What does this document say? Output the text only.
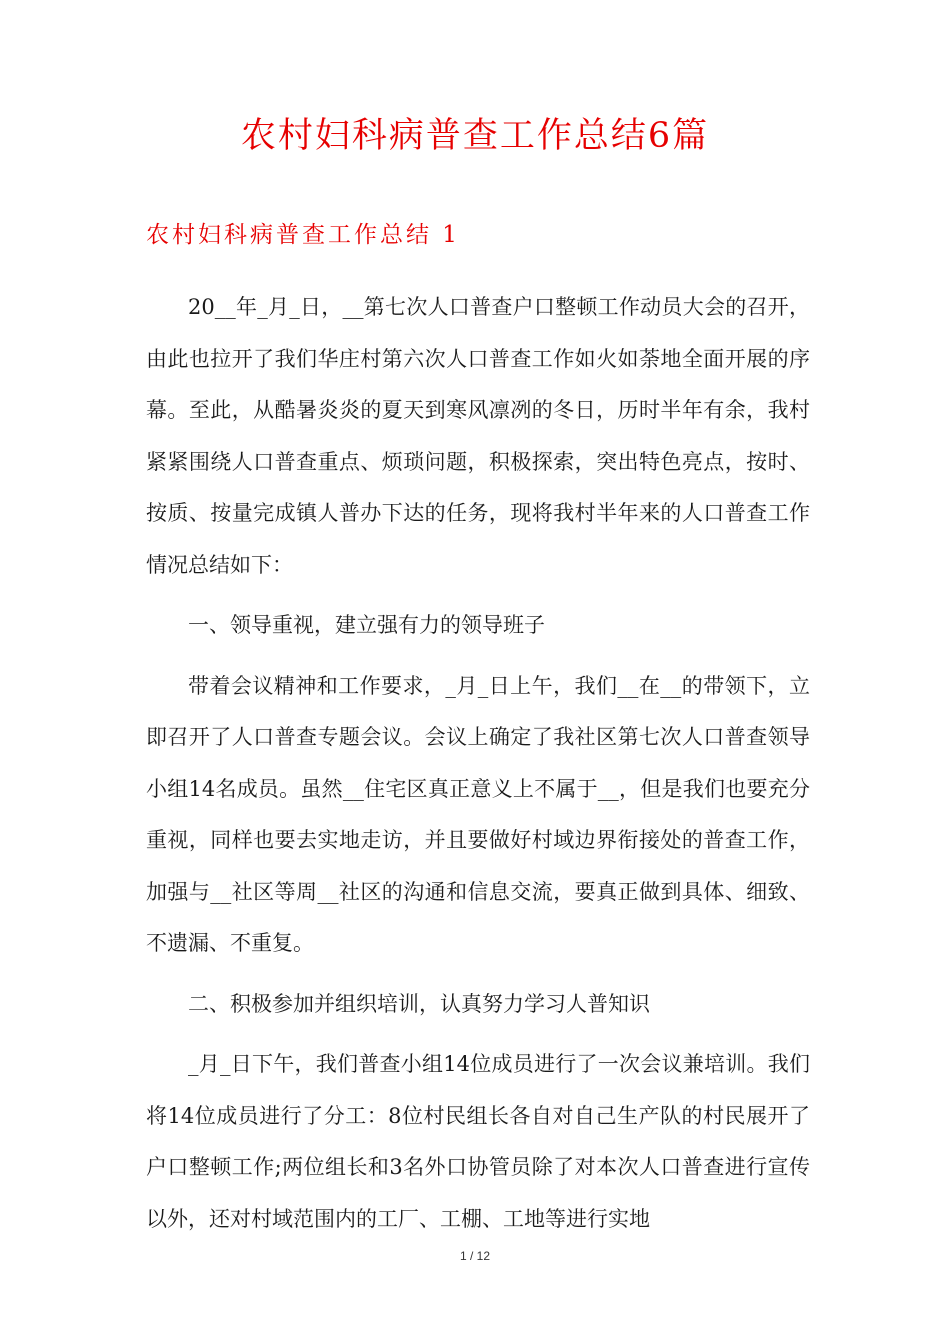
农村妇科病普查工作总结6篇
农村妇科病普查工作总结 1

20__年_月_日，__第七次人口普查户口整顿工作动员大会的召开，由此也拉开了我们华庄村第六次人口普查工作如火如荼地全面开展的序幕。至此，从酷暑炎炎的夏天到寒风凛冽的冬日，历时半年有余，我村紧紧围绕人口普查重点、烦琐问题，积极探索，突出特色亮点，按时、按质、按量完成镇人普办下达的任务，现将我村半年来的人口普查工作情况总结如下：

一、领导重视，建立强有力的领导班子

带着会议精神和工作要求，_月_日上午，我们__在__的带领下，立即召开了人口普查专题会议。会议上确定了我社区第七次人口普查领导小组14名成员。虽然__住宅区真正意义上不属于__，但是我们也要充分重视，同样也要去实地走访，并且要做好村域边界衔接处的普查工作，加强与__社区等周__社区的沟通和信息交流，要真正做到具体、细致、不遗漏、不重复。

二、积极参加并组织培训，认真努力学习人普知识

_月_日下午，我们普查小组14位成员进行了一次会议兼培训。我们将14位成员进行了分工：8位村民组长各自对自己生产队的村民展开了户口整顿工作;两位组长和3名外口协管员除了对本次人口普查进行宣传以外，还对村域范围内的工厂、工棚、工地等进行实地

1 / 12
